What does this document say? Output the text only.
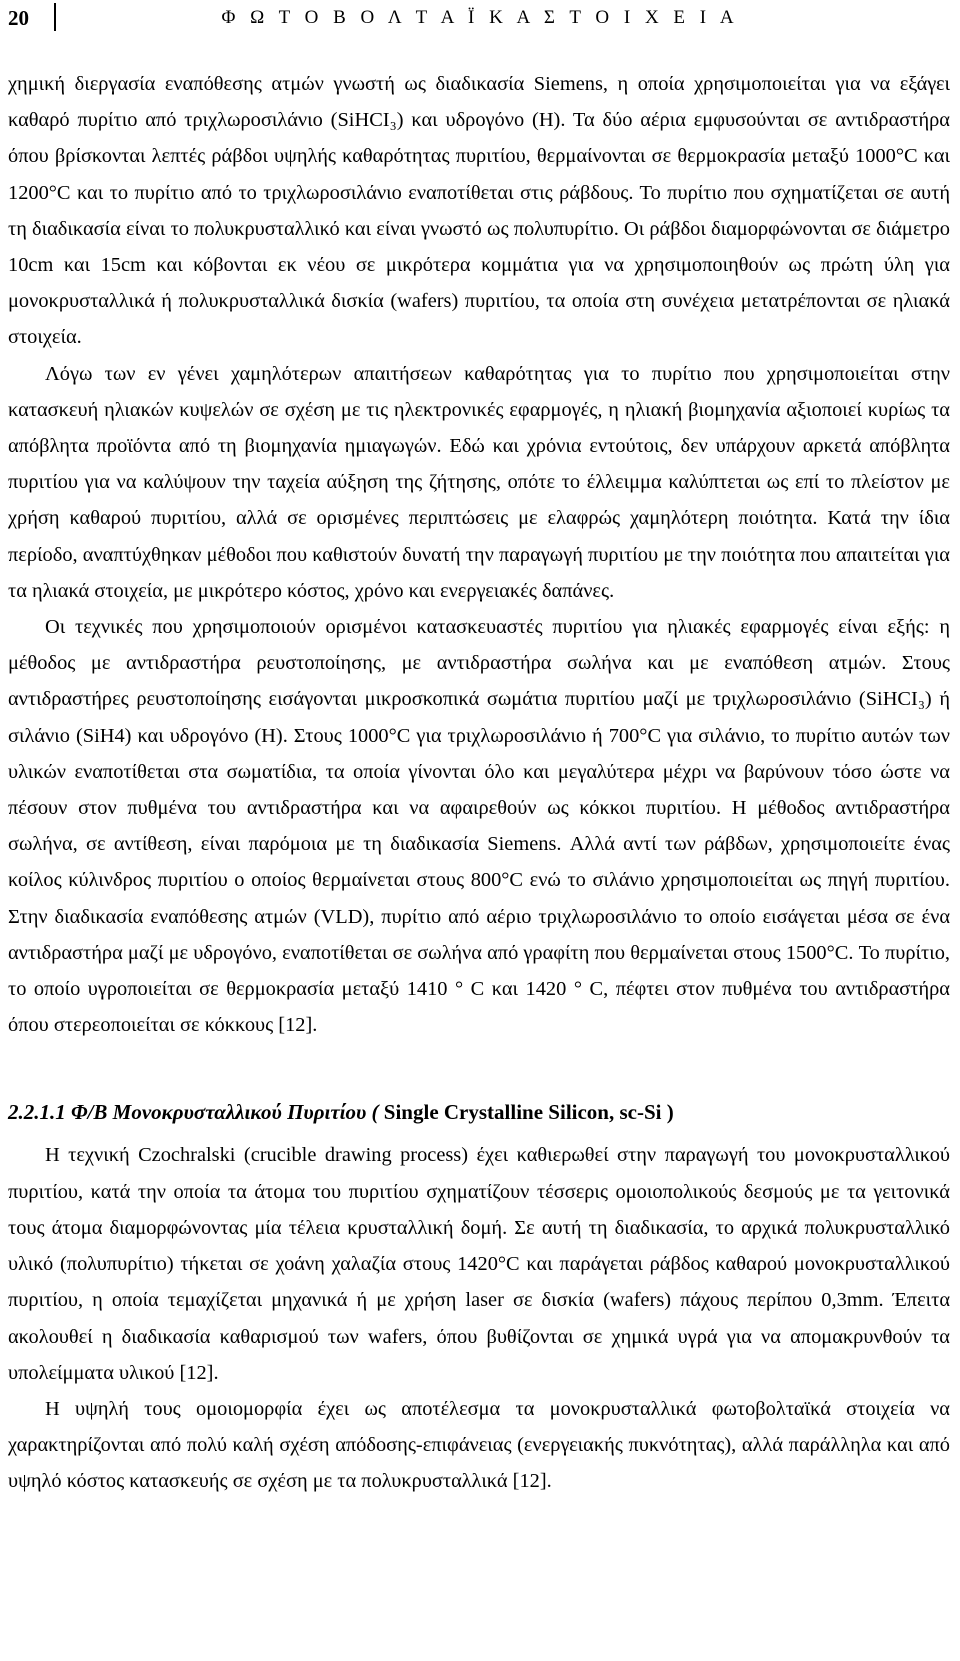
20	Φ Ω Τ Ο Β Ο Λ Τ Α Ϊ Κ Α Σ Τ Ο Ι Χ Ε Ι Α

χημική διεργασία εναπόθεσης ατμών γνωστή ως διαδικασία Siemens, η οποία χρησιμοποιείται για να εξάγει καθαρό πυρίτιο από τριχλωροσιλάνιο (SiHCI₃) και υδρογόνο (Η). Τα δύο αέρια εμφυσούνται σε αντιδραστήρα όπου βρίσκονται λεπτές ράβδοι υψηλής καθαρότητας πυριτίου, θερμαίνονται σε θερμοκρασία μεταξύ 1000°C και 1200°C και το πυρίτιο από το τριχλωροσιλάνιο εναποτίθεται στις ράβδους. Το πυρίτιο που σχηματίζεται σε αυτή τη διαδικασία είναι το πολυκρυσταλλικό και είναι γνωστό ως πολυπυρίτιο. Οι ράβδοι διαμορφώνονται σε διάμετρο 10cm και 15cm και κόβονται εκ νέου σε μικρότερα κομμάτια για να χρησιμοποιηθούν ως πρώτη ύλη για μονοκρυσταλλικά ή πολυκρυσταλλικά δισκία (wafers) πυριτίου, τα οποία στη συνέχεια μετατρέπονται σε ηλιακά στοιχεία.

Λόγω των εν γένει χαμηλότερων απαιτήσεων καθαρότητας για το πυρίτιο που χρησιμοποιείται στην κατασκευή ηλιακών κυψελών σε σχέση με τις ηλεκτρονικές εφαρμογές, η ηλιακή βιομηχανία αξιοποιεί κυρίως τα απόβλητα προϊόντα από τη βιομηχανία ημιαγωγών. Εδώ και χρόνια εντούτοις, δεν υπάρχουν αρκετά απόβλητα πυριτίου για να καλύψουν την ταχεία αύξηση της ζήτησης, οπότε το έλλειμμα καλύπτεται ως επί το πλείστον με χρήση καθαρού πυριτίου, αλλά σε ορισμένες περιπτώσεις με ελαφρώς χαμηλότερη ποιότητα. Κατά την ίδια περίοδο, αναπτύχθηκαν μέθοδοι που καθιστούν δυνατή την παραγωγή πυριτίου με την ποιότητα που απαιτείται για τα ηλιακά στοιχεία, με μικρότερο κόστος, χρόνο και ενεργειακές δαπάνες.

Οι τεχνικές που χρησιμοποιούν ορισμένοι κατασκευαστές πυριτίου για ηλιακές εφαρμογές είναι εξής: η μέθοδος με αντιδραστήρα ρευστοποίησης, με αντιδραστήρα σωλήνα και με εναπόθεση ατμών. Στους αντιδραστήρες ρευστοποίησης εισάγονται μικροσκοπικά σωμάτια πυριτίου μαζί με τριχλωροσιλάνιο (SiHCI₃) ή σιλάνιο (SiH4) και υδρογόνο (Η). Στους 1000°C για τριχλωροσιλάνιο ή 700°C για σιλάνιο, το πυρίτιο αυτών των υλικών εναποτίθεται στα σωματίδια, τα οποία γίνονται όλο και μεγαλύτερα μέχρι να βαρύνουν τόσο ώστε να πέσουν στον πυθμένα του αντιδραστήρα και να αφαιρεθούν ως κόκκοι πυριτίου. Η μέθοδος αντιδραστήρα σωλήνα, σε αντίθεση, είναι παρόμοια με τη διαδικασία Siemens. Αλλά αντί των ράβδων, χρησιμοποιείτε ένας κοίλος κύλινδρος πυριτίου ο οποίος θερμαίνεται στους 800°C ενώ το σιλάνιο χρησιμοποιείται ως πηγή πυριτίου. Στην διαδικασία εναπόθεσης ατμών (VLD), πυρίτιο από αέριο τριχλωροσιλάνιο το οποίο εισάγεται μέσα σε ένα αντιδραστήρα μαζί με υδρογόνο, εναποτίθεται σε σωλήνα από γραφίτη που θερμαίνεται στους 1500°C. Το πυρίτιο, το οποίο υγροποιείται σε θερμοκρασία μεταξύ 1410 ° C και 1420 ° C, πέφτει στον πυθμένα του αντιδραστήρα όπου στερεοποιείται σε κόκκους [12].

2.2.1.1 Φ/Β Μονοκρυσταλλικού Πυριτίου ( Single Crystalline Silicon, sc-Si )

Η τεχνική Czochralski (crucible drawing process) έχει καθιερωθεί στην παραγωγή του μονοκρυσταλλικού πυριτίου, κατά την οποία τα άτομα του πυριτίου σχηματίζουν τέσσερις ομοιοπολικούς δεσμούς με τα γειτονικά τους άτομα διαμορφώνοντας μία τέλεια κρυσταλλική δομή. Σε αυτή τη διαδικασία, το αρχικά πολυκρυσταλλικό υλικό (πολυπυρίτιο) τήκεται σε χοάνη χαλαζία στους 1420°C και παράγεται ράβδος καθαρού μονοκρυσταλλικού πυριτίου, η οποία τεμαχίζεται μηχανικά ή με χρήση laser σε δισκία (wafers) πάχους περίπου 0,3mm. Έπειτα ακολουθεί η διαδικασία καθαρισμού των wafers, όπου βυθίζονται σε χημικά υγρά για να απομακρυνθούν τα υπολείμματα υλικού [12].

Η υψηλή τους ομοιομορφία έχει ως αποτέλεσμα τα μονοκρυσταλλικά φωτοβολταϊκά στοιχεία να χαρακτηρίζονται από πολύ καλή σχέση απόδοσης-επιφάνειας (ενεργειακής πυκνότητας), αλλά παράλληλα και από υψηλό κόστος κατασκευής σε σχέση με τα πολυκρυσταλλικά [12].
